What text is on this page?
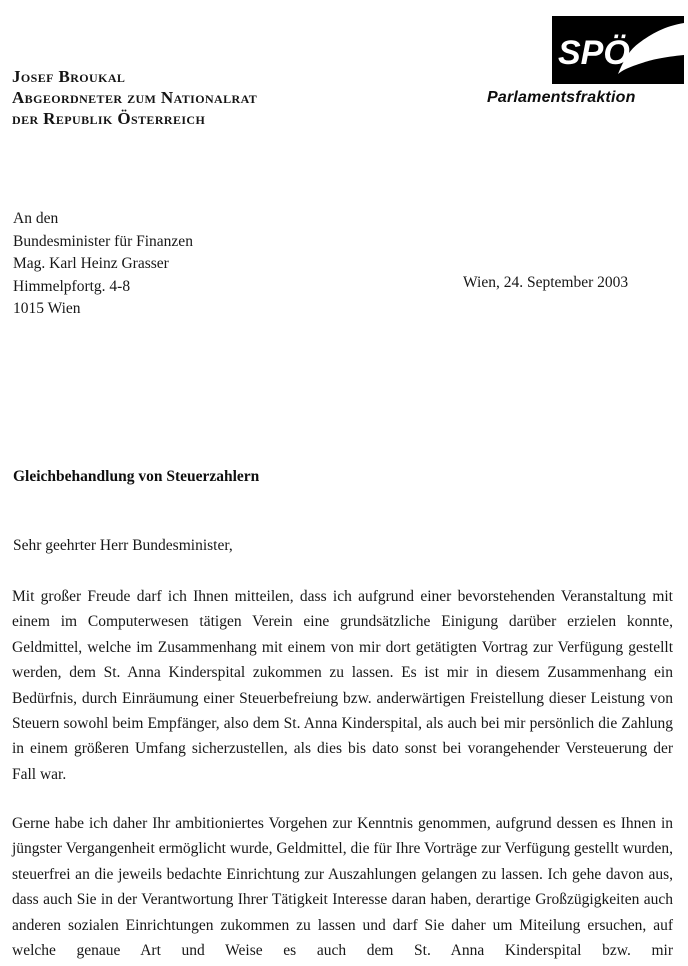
Josef Broukal
Abgeordneter zum Nationalrat
der Republik Österreich
SPÖ
Parlamentsfraktion
An den
Bundesminister für Finanzen
Mag. Karl Heinz Grasser
Himmelpfortg. 4-8
1015 Wien
Wien, 24. September 2003
Gleichbehandlung von Steuerzahlern
Sehr geehrter Herr Bundesminister,

Mit großer Freude darf ich Ihnen mitteilen, dass ich aufgrund einer bevorstehenden Veranstaltung mit einem im Computerwesen tätigen Verein eine grundsätzliche Einigung darüber erzielen konnte, Geldmittel, welche im Zusammenhang mit einem von mir dort getätigten Vortrag zur Verfügung gestellt werden, dem St. Anna Kinderspital zukommen zu lassen. Es ist mir in diesem Zusammenhang ein Bedürfnis, durch Einräumung einer Steuerbefreiung bzw. anderwärtigen Freistellung dieser Leistung von Steuern sowohl beim Empfänger, also dem St. Anna Kinderspital, als auch bei mir persönlich die Zahlung in einem größeren Umfang sicherzustellen, als dies bis dato sonst bei vorangehender Versteuerung der Fall war.

Gerne habe ich daher Ihr ambitioniertes Vorgehen zur Kenntnis genommen, aufgrund dessen es Ihnen in jüngster Vergangenheit ermöglicht wurde, Geldmittel, die für Ihre Vorträge zur Verfügung gestellt wurden, steuerfrei an die jeweils bedachte Einrichtung zur Auszahlungen gelangen zu lassen. Ich gehe davon aus, dass auch Sie in der Verantwortung Ihrer Tätigkeit Interesse daran haben, derartige Großzügigkeiten auch anderen sozialen Einrichtungen zukommen zu lassen und darf Sie daher um Miteilung ersuchen, auf welche genaue Art und Weise es auch dem St. Anna Kinderspital bzw. mir
